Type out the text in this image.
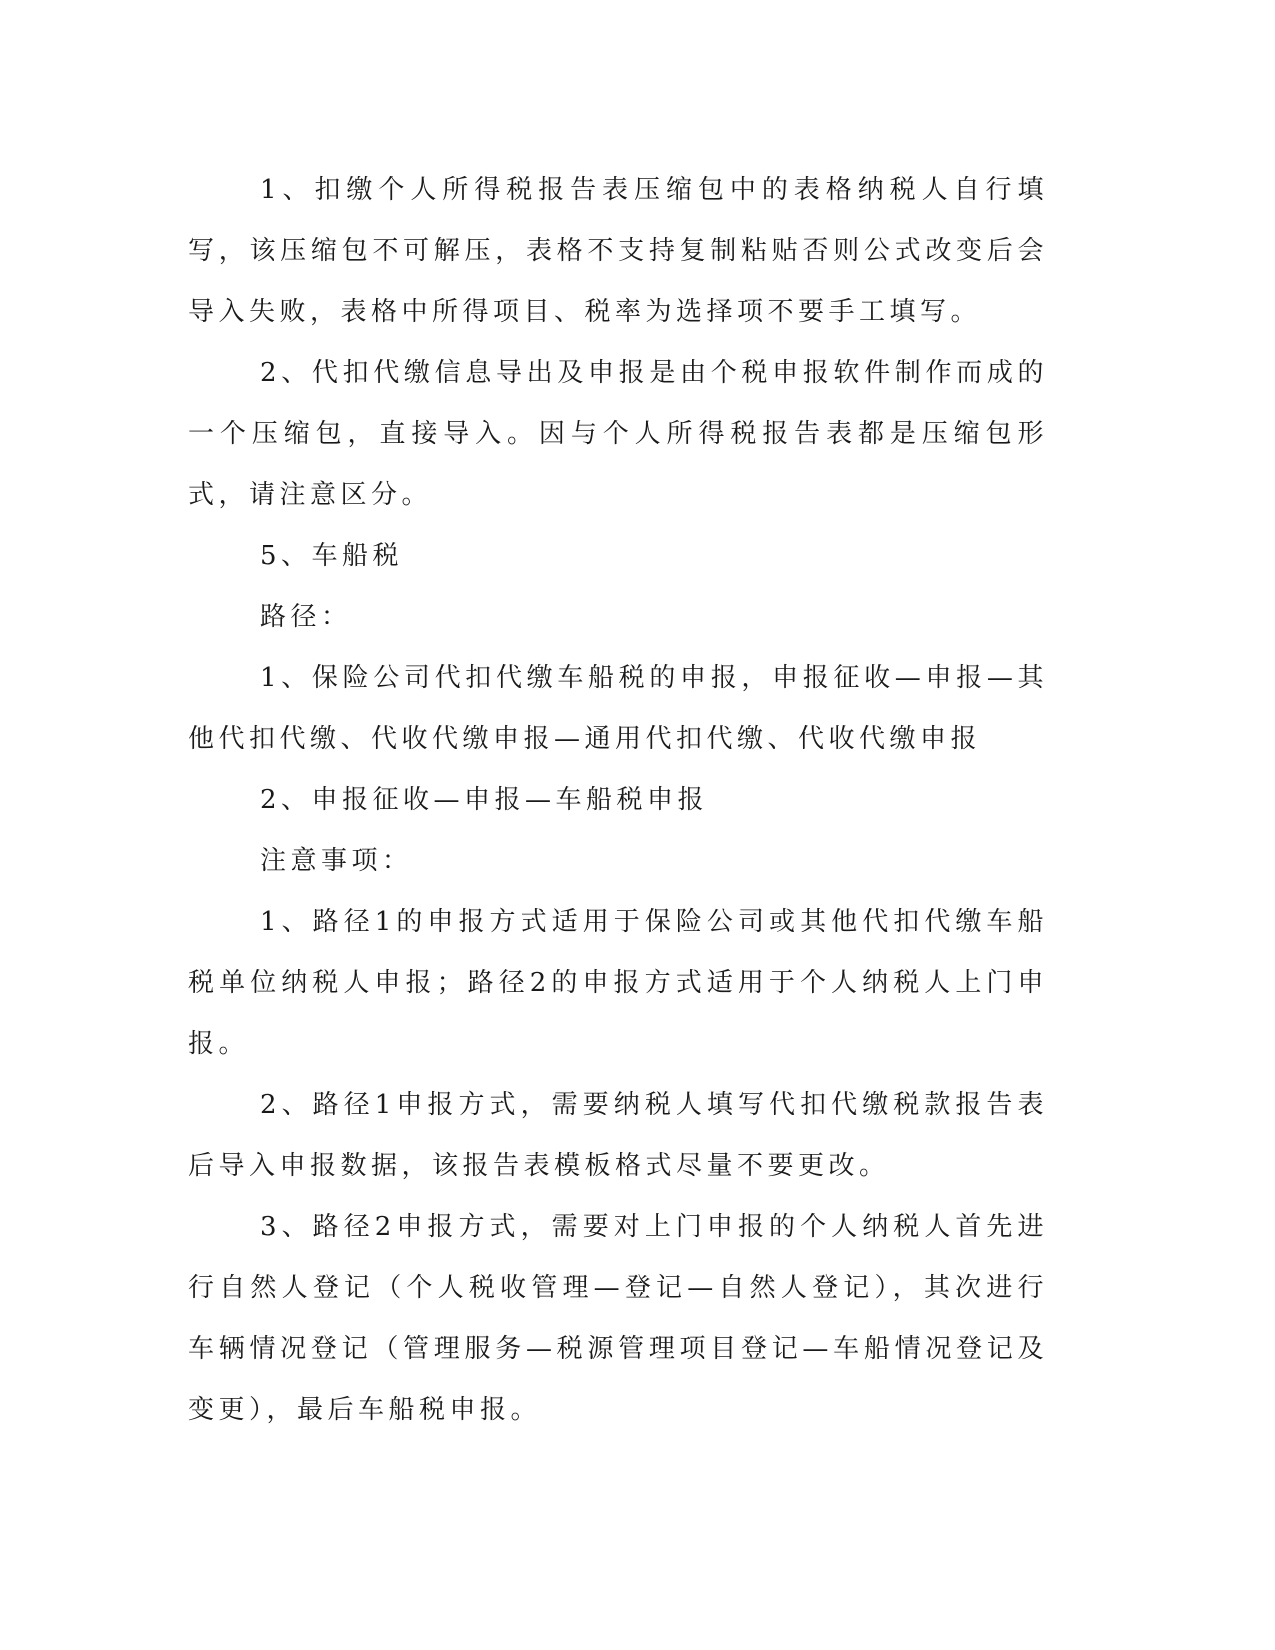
1、扣缴个人所得税报告表压缩包中的表格纳税人自行填写，该压缩包不可解压，表格不支持复制粘贴否则公式改变后会导入失败，表格中所得项目、税率为选择项不要手工填写。

2、代扣代缴信息导出及申报是由个税申报软件制作而成的一个压缩包，直接导入。因与个人所得税报告表都是压缩包形式，请注意区分。

5、车船税

路径：

1、保险公司代扣代缴车船税的申报，申报征收—申报—其他代扣代缴、代收代缴申报—通用代扣代缴、代收代缴申报

2、申报征收—申报—车船税申报

注意事项：

1、路径1的申报方式适用于保险公司或其他代扣代缴车船税单位纳税人申报；路径2的申报方式适用于个人纳税人上门申报。

2、路径1申报方式，需要纳税人填写代扣代缴税款报告表后导入申报数据，该报告表模板格式尽量不要更改。

3、路径2申报方式，需要对上门申报的个人纳税人首先进行自然人登记（个人税收管理—登记—自然人登记），其次进行车辆情况登记（管理服务—税源管理项目登记—车船情况登记及变更），最后车船税申报。
